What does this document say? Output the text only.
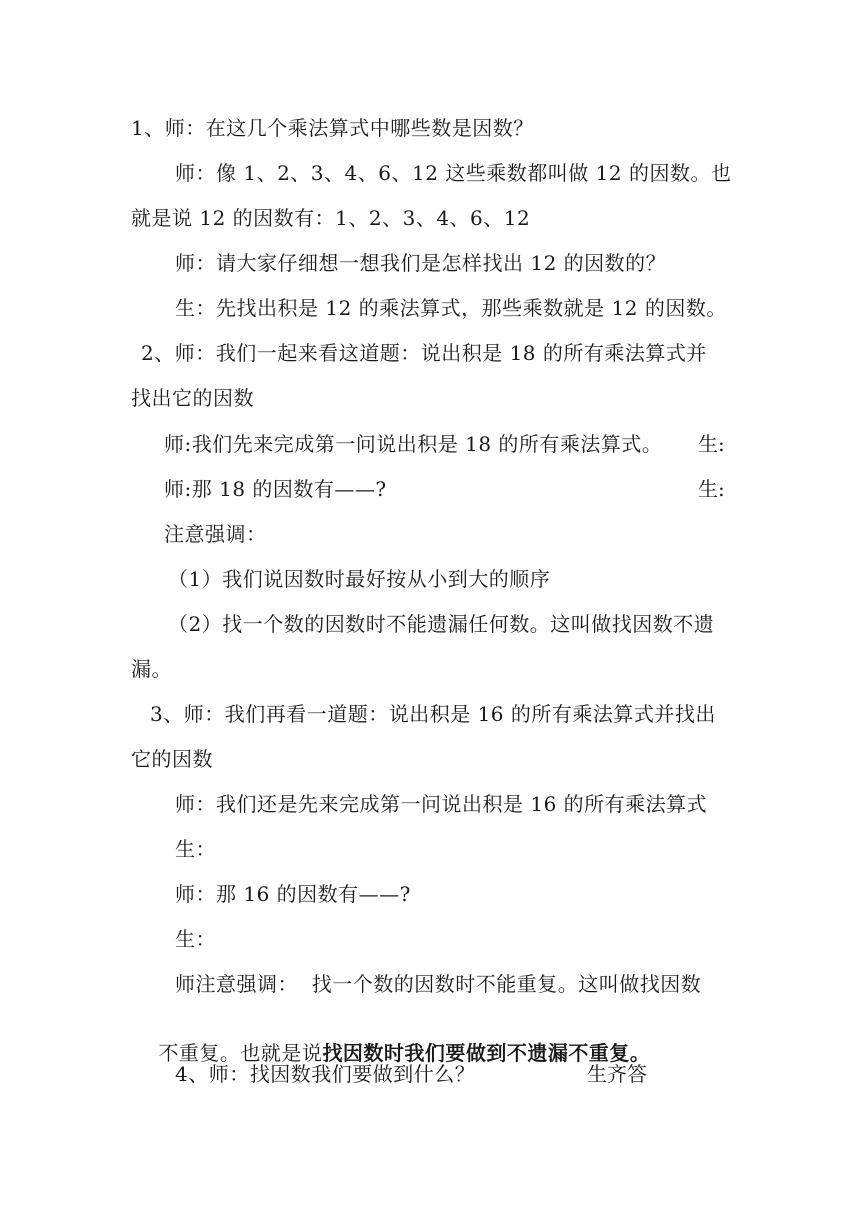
1、师：在这几个乘法算式中哪些数是因数？
师：像 1、2、3、4、6、12 这些乘数都叫做 12 的因数。也
就是说 12 的因数有：1、2、3、4、6、12
师：请大家仔细想一想我们是怎样找出 12 的因数的？
生：先找出积是 12 的乘法算式，那些乘数就是 12 的因数。
2、师：我们一起来看这道题：说出积是 18 的所有乘法算式并
找出它的因数
师:我们先来完成第一问说出积是 18 的所有乘法算式。 生:
师:那 18 的因数有——?	生:
注意强调：
（1）我们说因数时最好按从小到大的顺序
（2）找一个数的因数时不能遗漏任何数。这叫做找因数不遗
漏。
3、师：我们再看一道题：说出积是 16 的所有乘法算式并找出
它的因数
师：我们还是先来完成第一问说出积是 16 的所有乘法算式
生：
师：那 16 的因数有——?
生：
师注意强调：  找一个数的因数时不能重复。这叫做找因数

不重复。也就是说找因数时我们要做到不遗漏不重复。

4、师：找因数我们要做到什么？	生齐答
